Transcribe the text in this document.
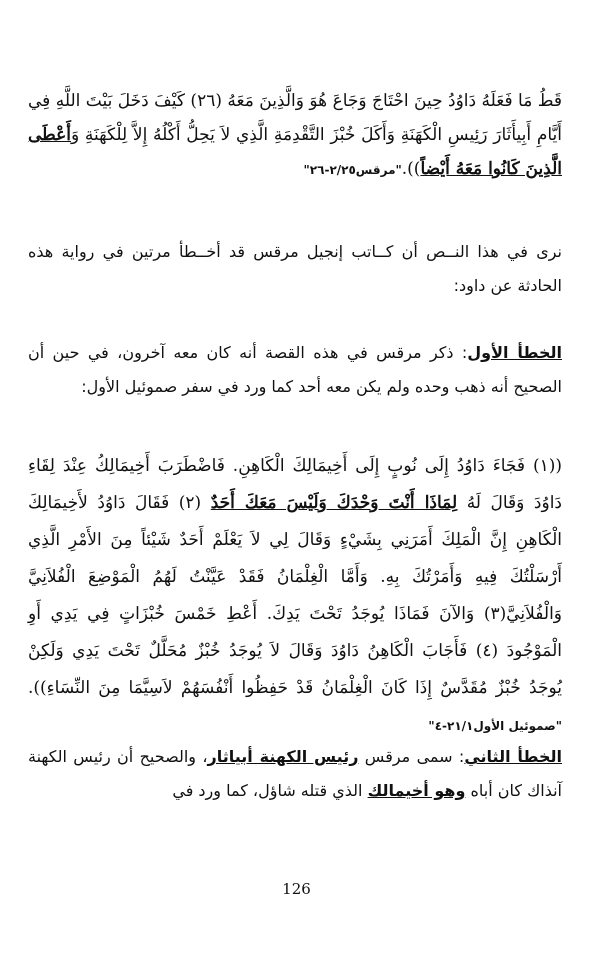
قَطُ مَا فَعَلَهُ دَاوُدُ حِينَ احْتَاجَ وَجَاعَ هُوَ وَالَّذِينَ مَعَهُ (٢٦) كَيْفَ دَخَلَ بَيْتَ اللَّهِ فِي أَيَّامِ أَبِيأَثَارَ رَئِيسِ الْكَهَنَةِ وَأَكَلَ خُبْزَ التَّقْدِمَةِ الَّذِي لاَ يَحِلُّ أَكْلُهُ إِلاَّ لِلْكَهَنَةِ وَأَعْطَى الَّذِينَ كَانُوا مَعَهُ أَيْضاً))."مرقس٢/٢٥-٢٦"

نرى في هذا النــص أن كــاتب إنجيل مرقس قد أخــطأ مرتين في رواية هذه الحادثة عن داود:

الخطأ الأول: ذكر مرقس في هذه القصة أنه كان معه آخرون، في حين أن الصحيح أنه ذهب وحده ولم يكن معه أحد كما ورد في سفر صموئيل الأول:

((١) فَجَاءَ دَاوُدُ إِلَى نُوبٍ إِلَى أَخِيمَالِكَ الْكَاهِنِ. فَاضْطَرَبَ أَخِيمَالِكُ عِنْدَ لِقَاءِ دَاوُدَ وَقَالَ لَهُ لِمَاذَا أَنْتَ وَحْدَكَ وَلَيْسَ مَعَكَ أَحَدٌ (٢) فَقَالَ دَاوُدُ لأَخِيمَالِكَ الْكَاهِنِ إِنَّ الْمَلِكَ أَمَرَنِي بِشَيْءٍ وَقَالَ لِي لاَ يَعْلَمْ أَحَدٌ شَيْئاً مِنَ الأَمْرِ الَّذِي أَرْسَلْتُكَ فِيهِ وَأَمَرْتُكَ بِهِ. وَأَمَّا الْغِلْمَانُ فَقَدْ عَيَّنْتُ لَهُمُ الْمَوْضِعَ الْفُلاَنِيَّ وَالْفُلاَنِيَّ(٣) وَالآنَ فَمَاذَا يُوجَدُ تَحْتَ يَدِكَ. أَعْطِ خَمْسَ خُبْزَاتٍ فِي يَدِي أَوِ الْمَوْجُودَ (٤) فَأَجَابَ الْكَاهِنُ دَاوُدَ وَقَالَ لاَ يُوجَدُ خُبْزٌ مُحَلَّلٌ تَحْتَ يَدِي وَلَكِنْ يُوجَدُ خُبْزٌ مُقَدَّسٌ إِذَا كَانَ الْغِلْمَانُ قَدْ حَفِظُوا أَنْفُسَهُمْ لاَسِيَّمَا مِنَ النِّسَاءِ)). "صموئيل الأول٢١/١-٤"

الخطأ الثاني: سمى مرقس رئيس الكهنة أبياثار، والصحيح أن رئيس الكهنة آنذاك كان أباه وهو أخيمالك الذي قتله شاؤل، كما ورد في

126
